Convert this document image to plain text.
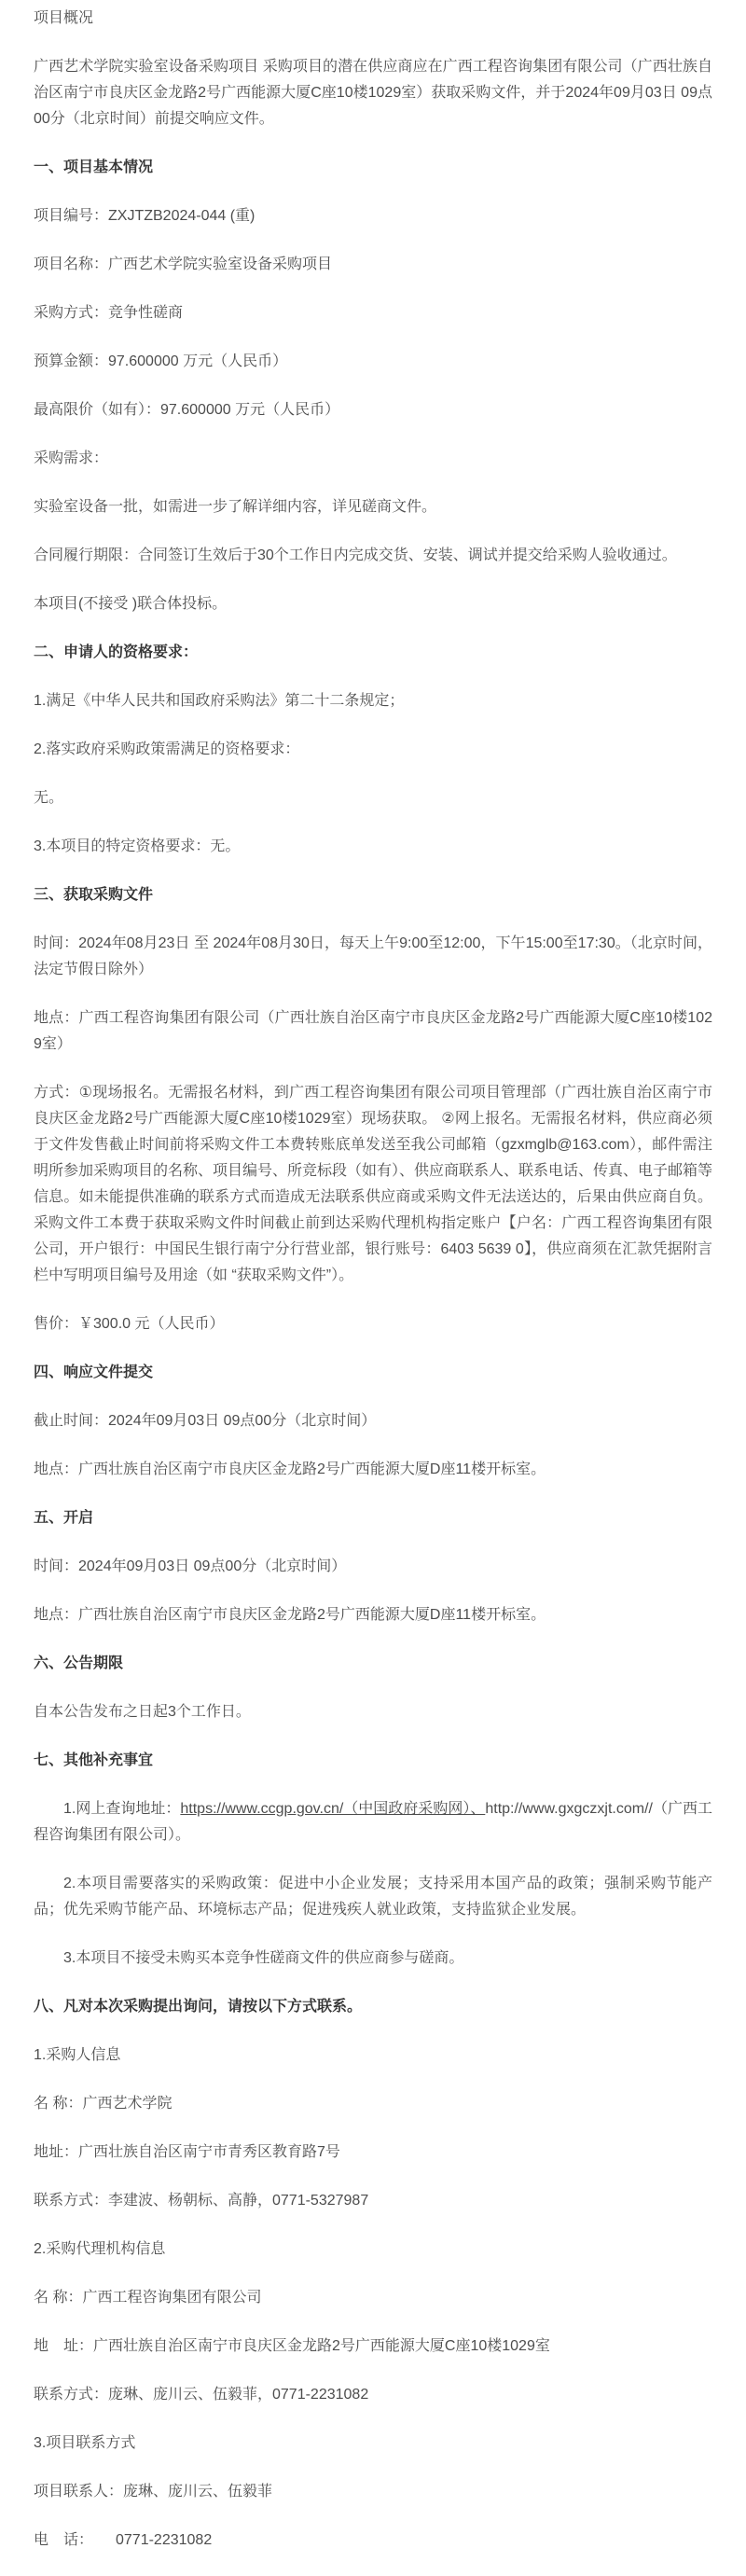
项目概况

广西艺术学院实验室设备采购项目 采购项目的潜在供应商应在广西工程咨询集团有限公司（广西壮族自治区南宁市良庆区金龙路2号广西能源大厦C座10楼1029室）获取采购文件，并于2024年09月03日 09点00分（北京时间）前提交响应文件。

一、项目基本情况

项目编号：ZXJTZB2024-044 (重)

项目名称：广西艺术学院实验室设备采购项目

采购方式：竞争性磋商

预算金额：97.600000 万元（人民币）

最高限价（如有）：97.600000 万元（人民币）

采购需求：

实验室设备一批，如需进一步了解详细内容，详见磋商文件。

合同履行期限：合同签订生效后于30个工作日内完成交货、安装、调试并提交给采购人验收通过。

本项目(不接受 )联合体投标。

二、申请人的资格要求：

1.满足《中华人民共和国政府采购法》第二十二条规定；

2.落实政府采购政策需满足的资格要求：

无。

3.本项目的特定资格要求：无。

三、获取采购文件

时间：2024年08月23日 至 2024年08月30日，每天上午9:00至12:00，下午15:00至17:30。（北京时间，法定节假日除外）

地点：广西工程咨询集团有限公司（广西壮族自治区南宁市良庆区金龙路2号广西能源大厦C座10楼1029室）

方式：①现场报名。无需报名材料，到广西工程咨询集团有限公司项目管理部（广西壮族自治区南宁市良庆区金龙路2号广西能源大厦C座10楼1029室）现场获取。 ②网上报名。无需报名材料，供应商必须于文件发售截止时间前将采购文件工本费转账底单发送至我公司邮箱（gzxmglb@163.com），邮件需注明所参加采购项目的名称、项目编号、所竞标段（如有）、供应商联系人、联系电话、传真、电子邮箱等信息。如未能提供准确的联系方式而造成无法联系供应商或采购文件无法送达的，后果由供应商自负。采购文件工本费于获取采购文件时间截止前到达采购代理机构指定账户【户名：广西工程咨询集团有限公司，开户银行：中国民生银行南宁分行营业部，银行账号：6403 5639 0】，供应商须在汇款凭据附言栏中写明项目编号及用途（如 “获取采购文件”）。

售价：￥300.0 元（人民币）

四、响应文件提交

截止时间：2024年09月03日 09点00分（北京时间）

地点：广西壮族自治区南宁市良庆区金龙路2号广西能源大厦D座11楼开标室。

五、开启

时间：2024年09月03日 09点00分（北京时间）

地点：广西壮族自治区南宁市良庆区金龙路2号广西能源大厦D座11楼开标室。

六、公告期限

自本公告发布之日起3个工作日。

七、其他补充事宜

1.网上查询地址：https://www.ccgp.gov.cn/（中国政府采购网）、http://www.gxgczxjt.com//（广西工程咨询集团有限公司）。

2.本项目需要落实的采购政策：促进中小企业发展；支持采用本国产品的政策；强制采购节能产品；优先采购节能产品、环境标志产品；促进残疾人就业政策，支持监狱企业发展。

3.本项目不接受未购买本竞争性磋商文件的供应商参与磋商。

八、凡对本次采购提出询问，请按以下方式联系。

1.采购人信息

名 称：广西艺术学院

地址：广西壮族自治区南宁市青秀区教育路7号

联系方式：李建波、杨朝标、高静，0771-5327987

2.采购代理机构信息

名 称：广西工程咨询集团有限公司

地　址：广西壮族自治区南宁市良庆区金龙路2号广西能源大厦C座10楼1029室

联系方式：庞琳、庞川云、伍毅菲，0771-2231082

3.项目联系方式

项目联系人：庞琳、庞川云、伍毅菲

电　话：　　0771-2231082
